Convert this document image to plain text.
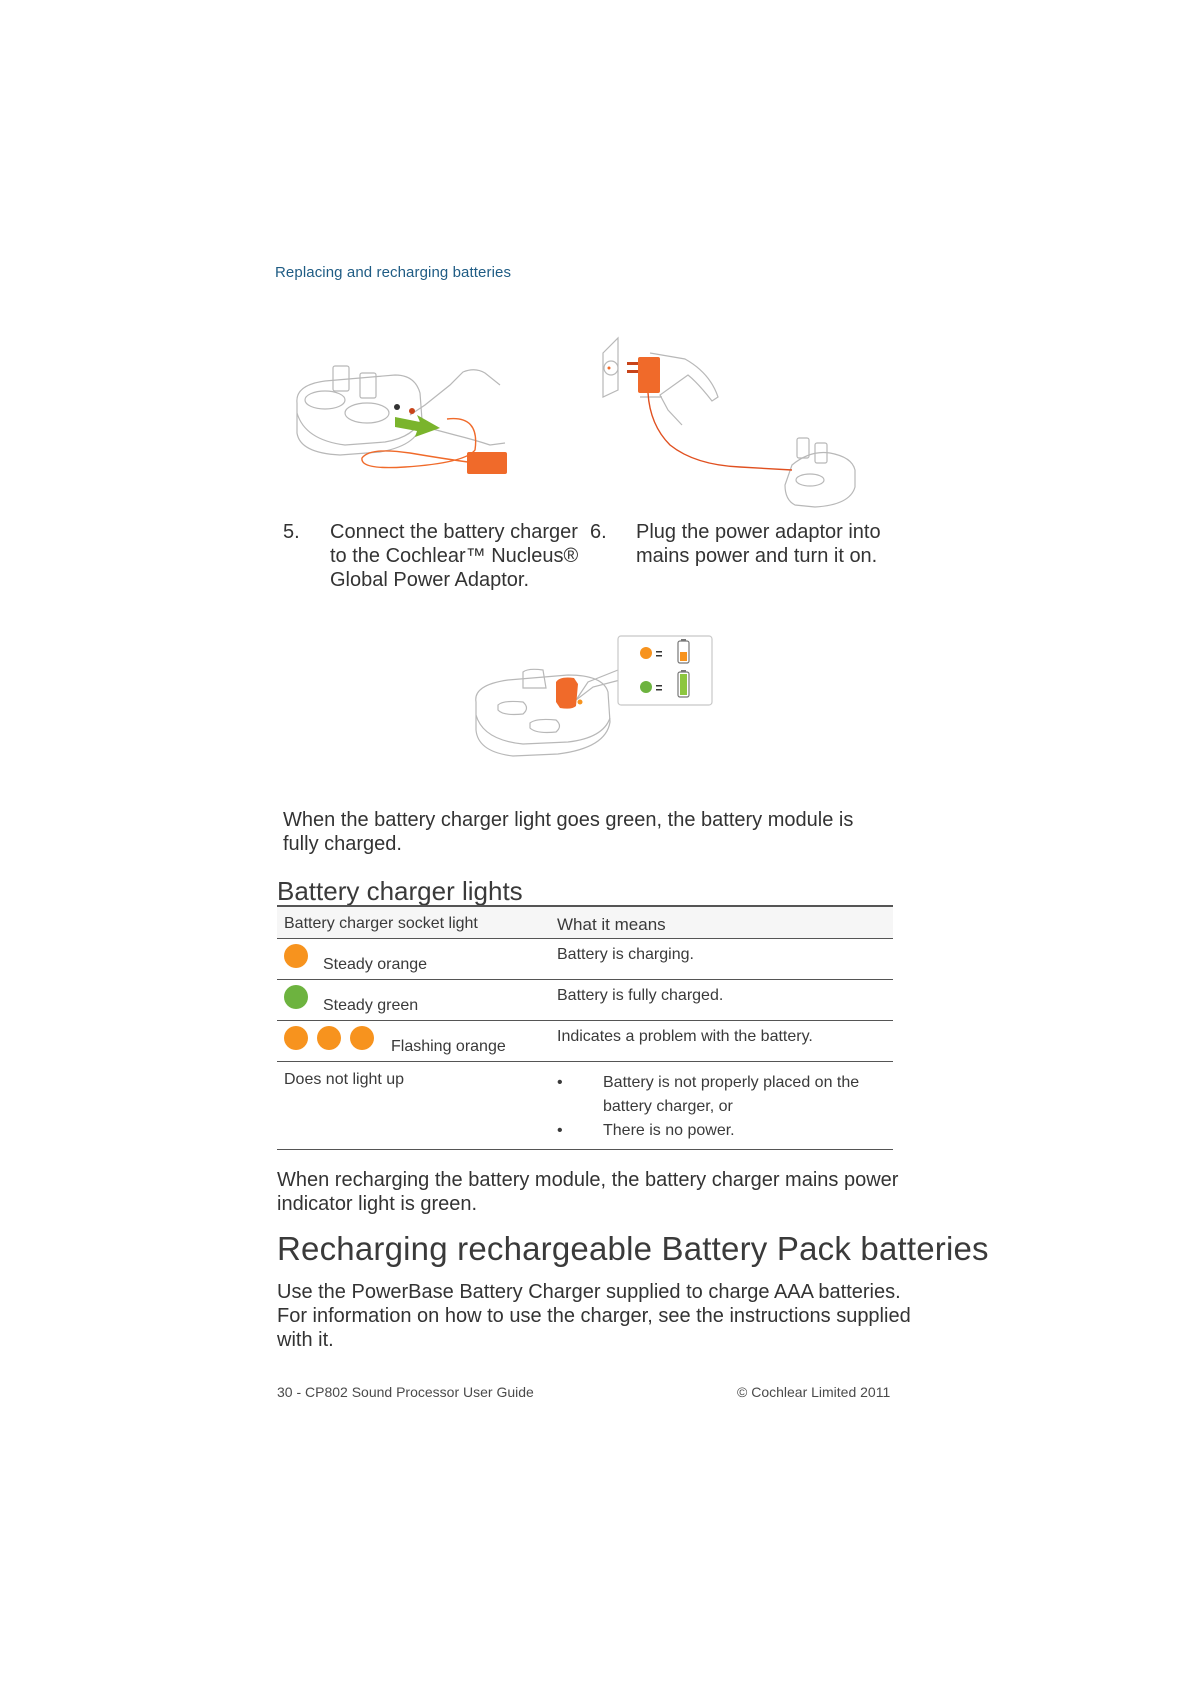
Replacing and recharging batteries
5. Connect the battery charger
to the Cochlear™ Nucleus®
Global Power Adaptor.
6. Plug the power adaptor into
mains power and turn it on.
When the battery charger light goes green, the battery module is
fully charged.
Battery charger lights
Battery charger socket light	What it means

Steady orange	Battery is charging.

Steady green	Battery is fully charged.

Flashing orange	Indicates a problem with the battery.

Does not light up	•	Battery is not properly placed on the battery charger, or
•	There is no power.
When recharging the battery module, the battery charger mains power
indicator light is green.
Recharging rechargeable Battery Pack batteries
Use the PowerBase Battery Charger supplied to charge AAA batteries.
For information on how to use the charger, see the instructions supplied
with it.
30 - CP802 Sound Processor User Guide	© Cochlear Limited 2011
